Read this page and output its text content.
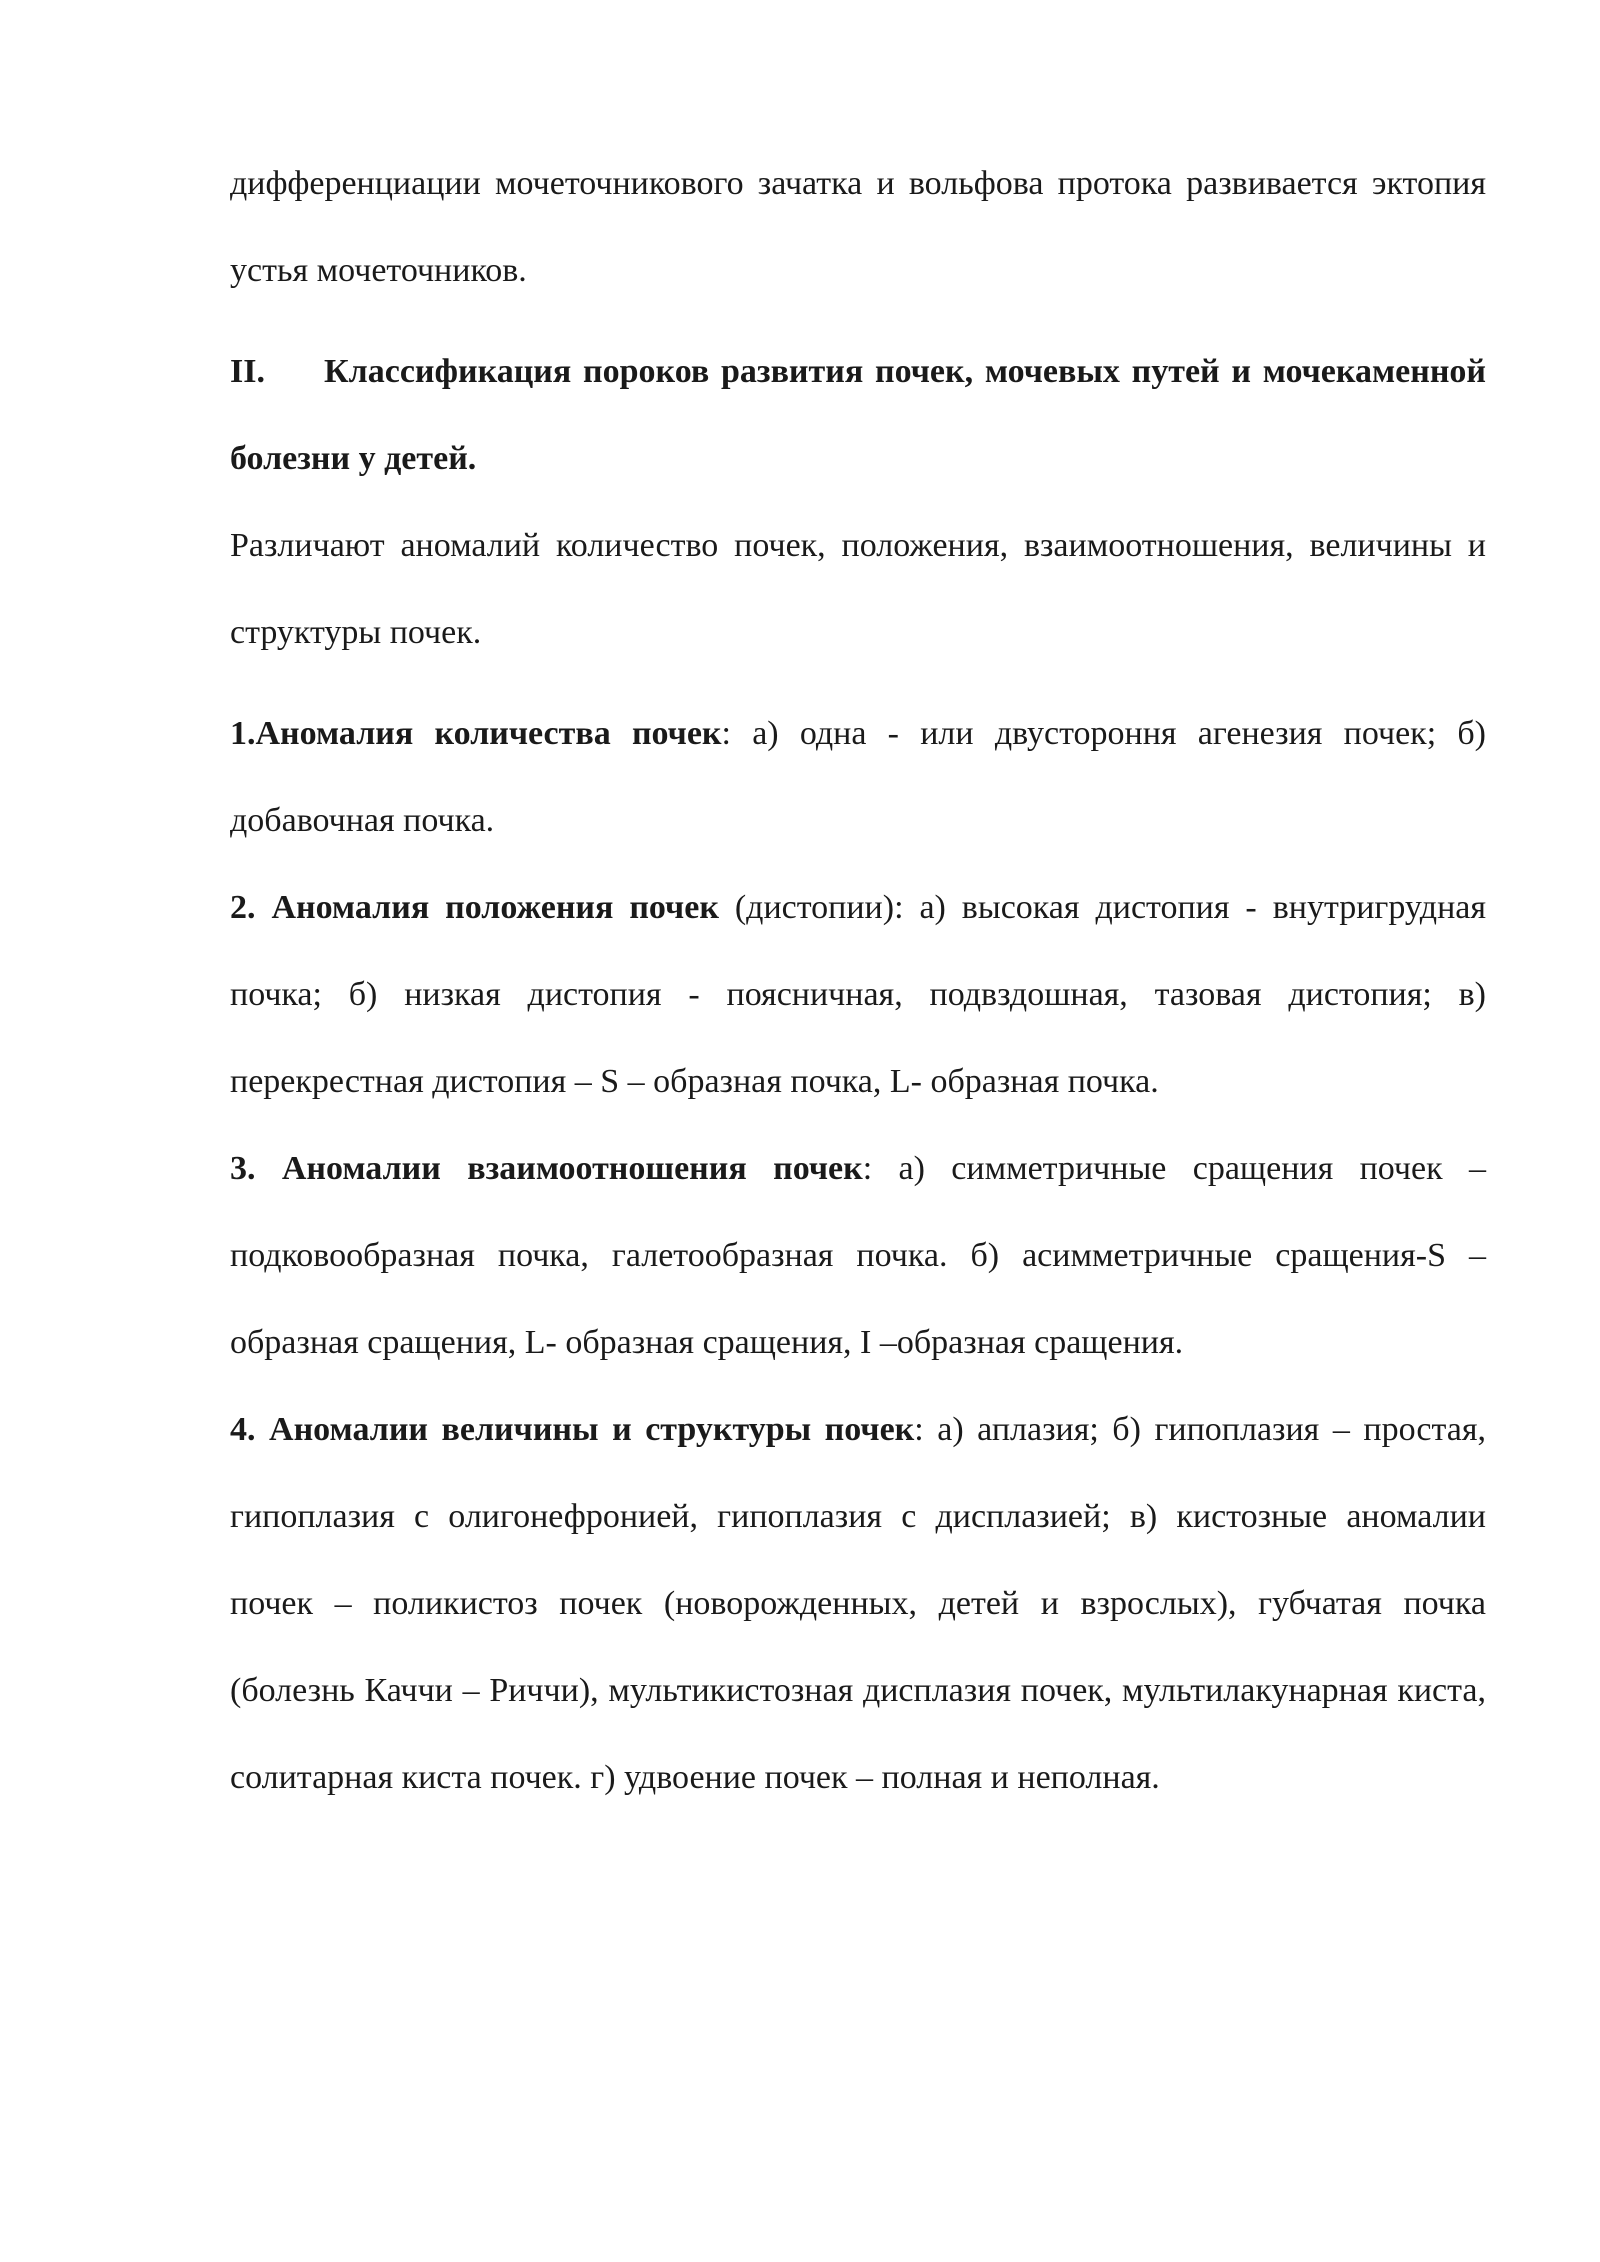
дифференциации мочеточникового зачатка и вольфова протока развивается эктопия устья мочеточников.

II. Классификация пороков развития почек, мочевых путей и мочекаменной болезни у детей.

Различают аномалий количество почек, положения, взаимоотношения, величины и структуры почек.

1.Аномалия количества почек: а) одна - или двустороння агенезия почек; б) добавочная почка.

2. Аномалия положения почек (дистопии): а) высокая дистопия - внутригрудная почка; б) низкая дистопия - поясничная, подвздошная, тазовая дистопия; в) перекрестная дистопия – S – образная почка, L- образная почка.

3. Аномалии взаимоотношения почек: а) симметричные сращения почек – подковообразная почка, галетообразная почка. б) асимметричные сращения-S – образная сращения, L- образная сращения, I –образная сращения.

4. Аномалии величины и структуры почек: а) аплазия; б) гипоплазия – простая, гипоплазия с олигонефронией, гипоплазия с дисплазией; в) кистозные аномалии почек – поликистоз почек (новорожденных, детей и взрослых), губчатая почка (болезнь Каччи – Риччи), мультикистозная дисплазия почек, мультилакунарная киста, солитарная киста почек. г) удвоение почек – полная и неполная.
